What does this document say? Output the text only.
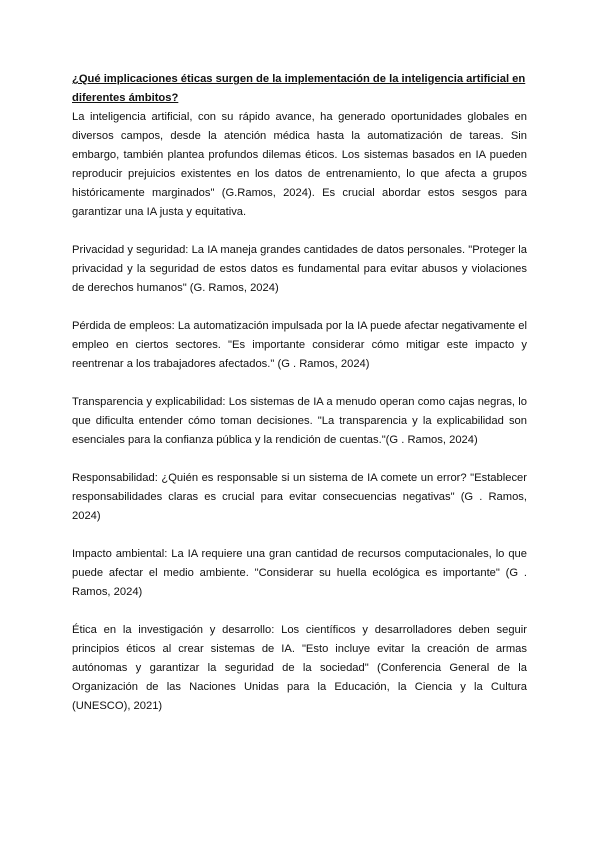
¿Qué implicaciones éticas surgen de la implementación de la inteligencia artificial en diferentes ámbitos?

La inteligencia artificial, con su rápido avance, ha generado oportunidades globales en diversos campos, desde la atención médica hasta la automatización de tareas. Sin embargo, también plantea profundos dilemas éticos. Los sistemas basados en IA pueden reproducir prejuicios existentes en los datos de entrenamiento, lo que afecta a grupos históricamente marginados" (G.Ramos, 2024). Es crucial abordar estos sesgos para garantizar una IA justa y equitativa.

Privacidad y seguridad: La IA maneja grandes cantidades de datos personales. "Proteger la privacidad y la seguridad de estos datos es fundamental para evitar abusos y violaciones de derechos humanos" (G. Ramos, 2024)

Pérdida de empleos: La automatización impulsada por la IA puede afectar negativamente el empleo en ciertos sectores. "Es importante considerar cómo mitigar este impacto y reentrenar a los trabajadores afectados." (G . Ramos, 2024)

Transparencia y explicabilidad: Los sistemas de IA a menudo operan como cajas negras, lo que dificulta entender cómo toman decisiones. "La transparencia y la explicabilidad son esenciales para la confianza pública y la rendición de cuentas."(G . Ramos, 2024)

Responsabilidad: ¿Quién es responsable si un sistema de IA comete un error? "Establecer responsabilidades claras es crucial para evitar consecuencias negativas" (G . Ramos, 2024)

Impacto ambiental: La IA requiere una gran cantidad de recursos computacionales, lo que puede afectar el medio ambiente. "Considerar su huella ecológica es importante" (G . Ramos, 2024)

Ética en la investigación y desarrollo: Los científicos y desarrolladores deben seguir principios éticos al crear sistemas de IA. "Esto incluye evitar la creación de armas autónomas y garantizar la seguridad de la sociedad" (Conferencia General de la Organización de las Naciones Unidas para la Educación, la Ciencia y la Cultura (UNESCO), 2021)
